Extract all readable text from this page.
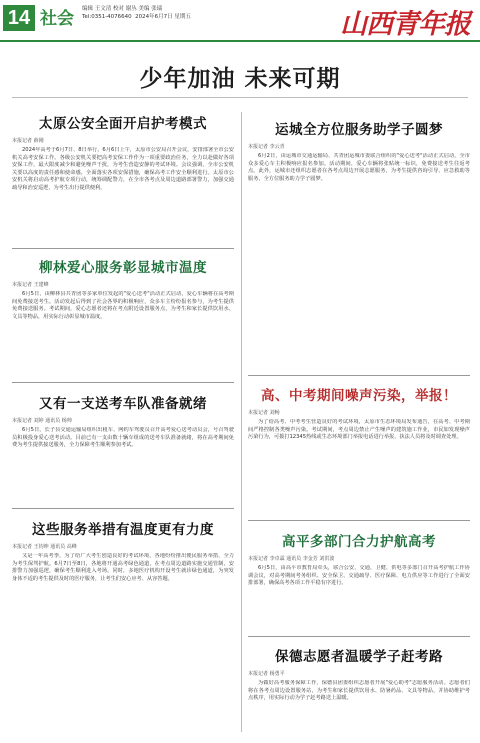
14 社会 编辑 王文清 校对 谢丛 美编 张瑞
Tel:0351-4076640 2024年6月7日 星期五	山西青年报
少年加油 未来可期
太原公安全面开启护考模式
本报记者 薛刚

2024年高考于6月7日、8日举行，6月6日上午，太原市公安局召开会议，安排部署全市公安机关高考安保工作。各级公安机关要把高考安保工作作为一项重要政治任务，全力以赴做好各项安保工作，最大限度减少和避免噪声干扰，为考生营造安静的考试环境。会议强调，全市公安机关要以高度的责任感和使命感，全面落实各项安保措施，确保高考工作安全顺利进行。太原市公安机关将启动高考护航专项行动，统筹调配警力，在全市各考点及周边道路部署警力，加强交通疏导和治安巡逻，为考生出行提供便利。

柳林爱心服务彰显城市温度
本报记者 王建峰

6月5日，由柳林县共青团等多家单位发起的"爱心送考"活动正式启动，爱心车辆将在高考期间免费接送考生。活动发起后得到了社会各界的积极响应，众多车主纷纷报名参与，为考生提供免费接送服务。考试期间，爱心志愿者还将在考点附近设置服务点，为考生和家长提供饮用水、文具等物品，用实际行动彰显城市温度。

又有一支送考车队准备就绪
本报记者 刘婷 通讯员 杨帅

6月5日，长子县交通运输局组织出租车、网约车驾驶员召开高考爱心送考动员会，号召驾驶员积极投身爱心送考活动。目前已有一支由数十辆车组成的送考车队准备就绪，将在高考期间免费为考生提供接送服务，全力保障考生顺利参加考试。

这些服务举措有温度更有力度
本报记者 王钧坤 通讯员 高峰

又是一年高考季，为了给广大考生创造良好的考试环境，各地纷纷推出便民服务举措，全力为考生保驾护航。6月7日至8日，各地将开通高考绿色通道，在考点周边道路实施交通管制，安排警力加强巡逻，确保考生顺利进入考场。同时，多地医疗机构开设考生就诊绿色通道，为突发身体不适的考生提供及时的医疗服务，让考生们安心应考、从容答题。

运城全方位服务助学子圆梦
本报记者 李云青

6月2日，由运城市交通运输局、共青团运城市委联合组织的"爱心送考"活动正式启动，全市众多爱心车主积极响应报名参加。活动期间，爱心车辆将张贴统一标识，免费接送考生往返考点。此外，运城市还组织志愿者在各考点周边开展志愿服务，为考生提供咨询引导、应急救助等服务，全方位服务助力学子圆梦。

高、中考期间噪声污染，举报！
本报记者 刘畅

为了给高考、中考考生营造良好的考试环境，太原市生态环境局发布通告，在高考、中考期间严格控制各类噪声污染。考试期间，考点周边禁止产生噪声的建筑施工作业，市民如发现噪声污染行为，可拨打12345热线或生态环境部门举报电话进行举报，执法人员将及时调查处理。

高平多部门合力护航高考
本报记者 李卓霖 通讯员 李金芳 刘洪波

6月5日，由高平市教育局牵头，联合公安、交通、卫健、供电等多部门召开高考护航工作协调会议，对高考期间考务组织、安全保卫、交通疏导、医疗保障、电力供应等工作进行了全面安排部署，确保高考各项工作平稳有序进行。

保德志愿者温暖学子赶考路
本报记者 杨勇平

为做好高考服务保障工作，保德县团委组织志愿者开展"爱心助考"志愿服务活动。志愿者们将在各考点周边设置服务站，为考生和家长提供饮用水、防暑药品、文具等物品，并协助维护考点秩序，用实际行动为学子赶考路送上温暖。
